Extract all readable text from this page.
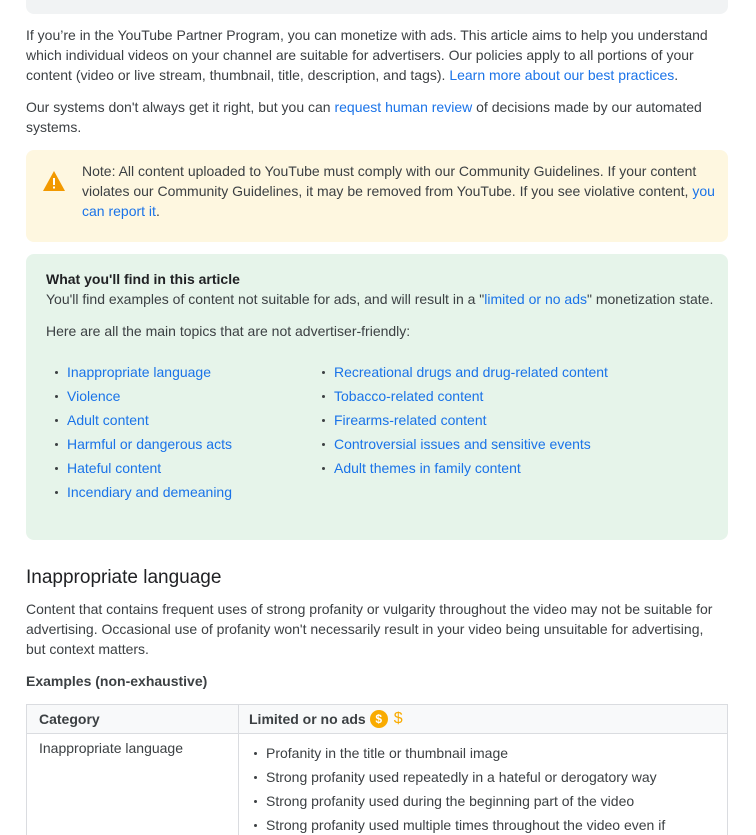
If you’re in the YouTube Partner Program, you can monetize with ads. This article aims to help you understand which individual videos on your channel are suitable for advertisers. Our policies apply to all portions of your content (video or live stream, thumbnail, title, description, and tags). Learn more about our best practices.

Our systems don't always get it right, but you can request human review of decisions made by our automated systems.

Note: All content uploaded to YouTube must comply with our Community Guidelines. If your content violates our Community Guidelines, it may be removed from YouTube. If you see violative content, you can report it.
What you'll find in this article
You'll find examples of content not suitable for ads, and will result in a "limited or no ads" monetization state.
Here are all the main topics that are not advertiser-friendly:
Inappropriate language
Violence
Adult content
Harmful or dangerous acts
Hateful content
Incendiary and demeaning
Recreational drugs and drug-related content
Tobacco-related content
Firearms-related content
Controversial issues and sensitive events
Adult themes in family content
Inappropriate language

Content that contains frequent uses of strong profanity or vulgarity throughout the video may not be suitable for advertising. Occasional use of profanity won't necessarily result in your video being unsuitable for advertising, but context matters.

Examples (non-exhaustive)
Category	Limited or no ads $ $
Inappropriate language	Profanity in the title or thumbnail image
Strong profanity used repeatedly in a hateful or derogatory way
Strong profanity used during the beginning part of the video
Strong profanity used multiple times throughout the video even if
